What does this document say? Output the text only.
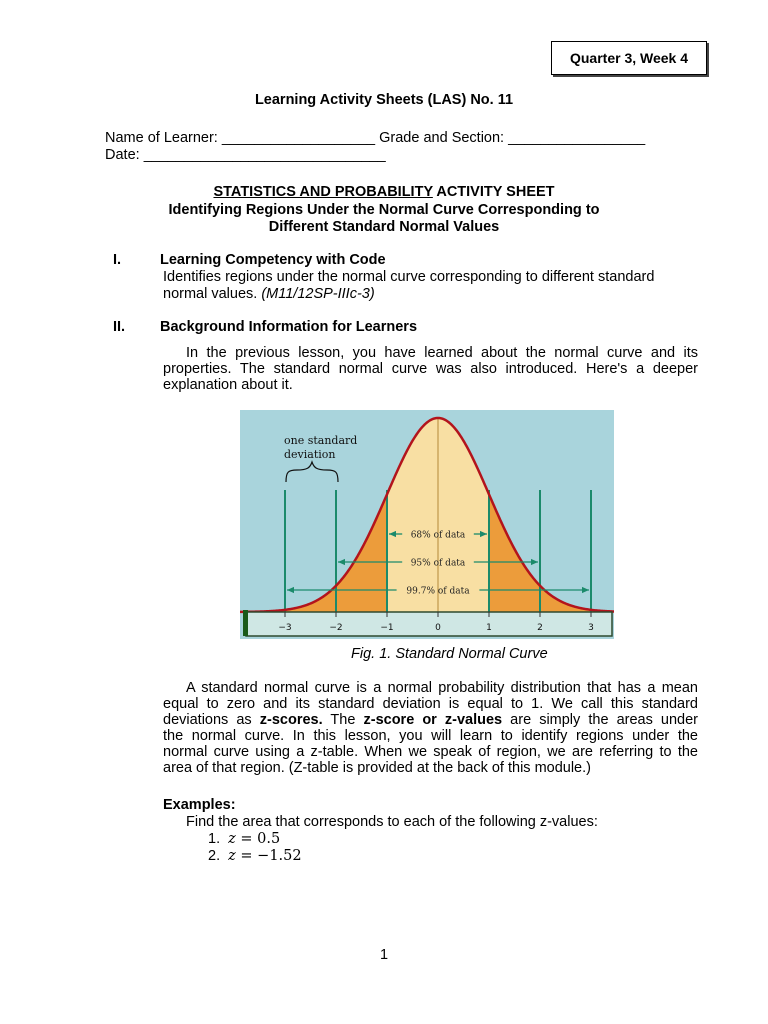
Quarter 3, Week 4
Learning Activity Sheets (LAS) No. 11
Name of Learner: ___________________ Grade and Section: _________________
Date: ______________________________
STATISTICS AND PROBABILITY ACTIVITY SHEET
Identifying Regions Under the Normal Curve Corresponding to
Different Standard Normal Values
I.	Learning Competency with Code
Identifies regions under the normal curve corresponding to different standard
normal values. (M11/12SP-IIIc-3)
II. Background Information for Learners
In the previous lesson, you have learned about the normal curve and its
properties. The standard normal curve was also introduced. Here's a deeper
explanation about it.
68% of data
95% of data
99.7% of data
one standard
deviation
−3	−2	−1	0	1	2	3
Fig. 1. Standard Normal Curve
A standard normal curve is a normal probability distribution that has a mean
equal to zero and its standard deviation is equal to 1. We call this standard
deviations as z-scores. The z-score or z-values are simply the areas under
the normal curve. In this lesson, you will learn to identify regions under the
normal curve using a z-table. When we speak of region, we are referring to the
area of that region. (Z-table is provided at the back of this module.)
Examples:
Find the area that corresponds to each of the following z-values:
1. z = 0.5
2. z = −1.52
1
